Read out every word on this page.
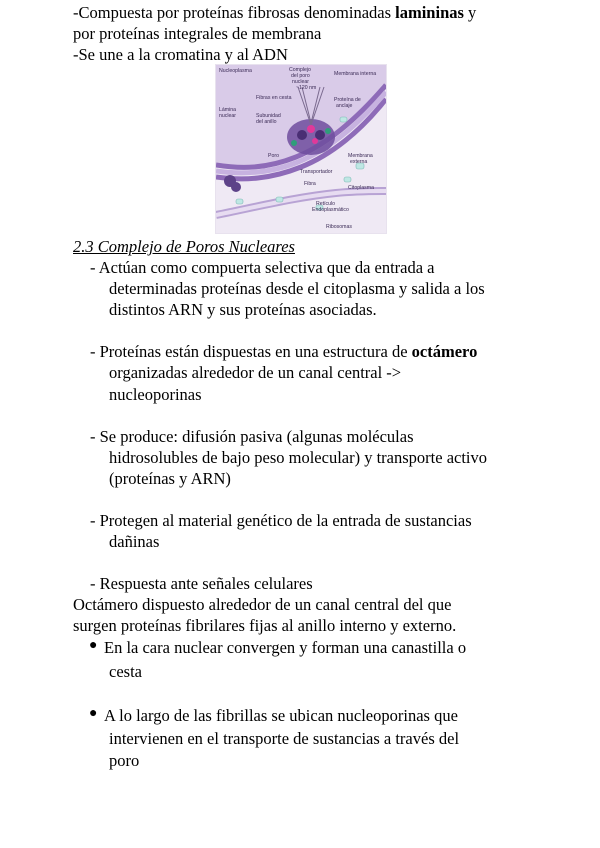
-Compuesta por proteínas fibrosas denominadas lamininas y
por proteínas integrales de membrana
-Se une a la cromatina y al ADN
Nucleoplasma	Complejo
del poro
nuclear
~120 nm
Membrana interna
Fibras en cesta	Proteína de
anclaje
Lámina
nuclear	Subunidad
del anillo
Poro	Membrana
externa
Transportador
Fibra
Citoplasma
Retículo
Endoplasmático
Ribosomas
2.3 Complejo de Poros Nucleares
- Actúan como compuerta selectiva que da entrada a
determinadas proteínas desde el citoplasma y salida a los
distintos ARN y sus proteínas asociadas.
- Proteínas están dispuestas en una estructura de octámero
organizadas alrededor de un canal central ->
nucleoporinas
- Se produce: difusión pasiva (algunas moléculas
hidrosolubles de bajo peso molecular) y transporte activo
(proteínas y ARN)
- Protegen al material genético de la entrada de sustancias
dañinas
- Respuesta ante señales celulares
Octámero dispuesto alrededor de un canal central del que
surgen proteínas fibrilares fijas al anillo interno y externo.
● En la cara nuclear convergen y forman una canastilla o
cesta
● A lo largo de las fibrillas se ubican nucleoporinas que
intervienen en el transporte de sustancias a través del
poro
